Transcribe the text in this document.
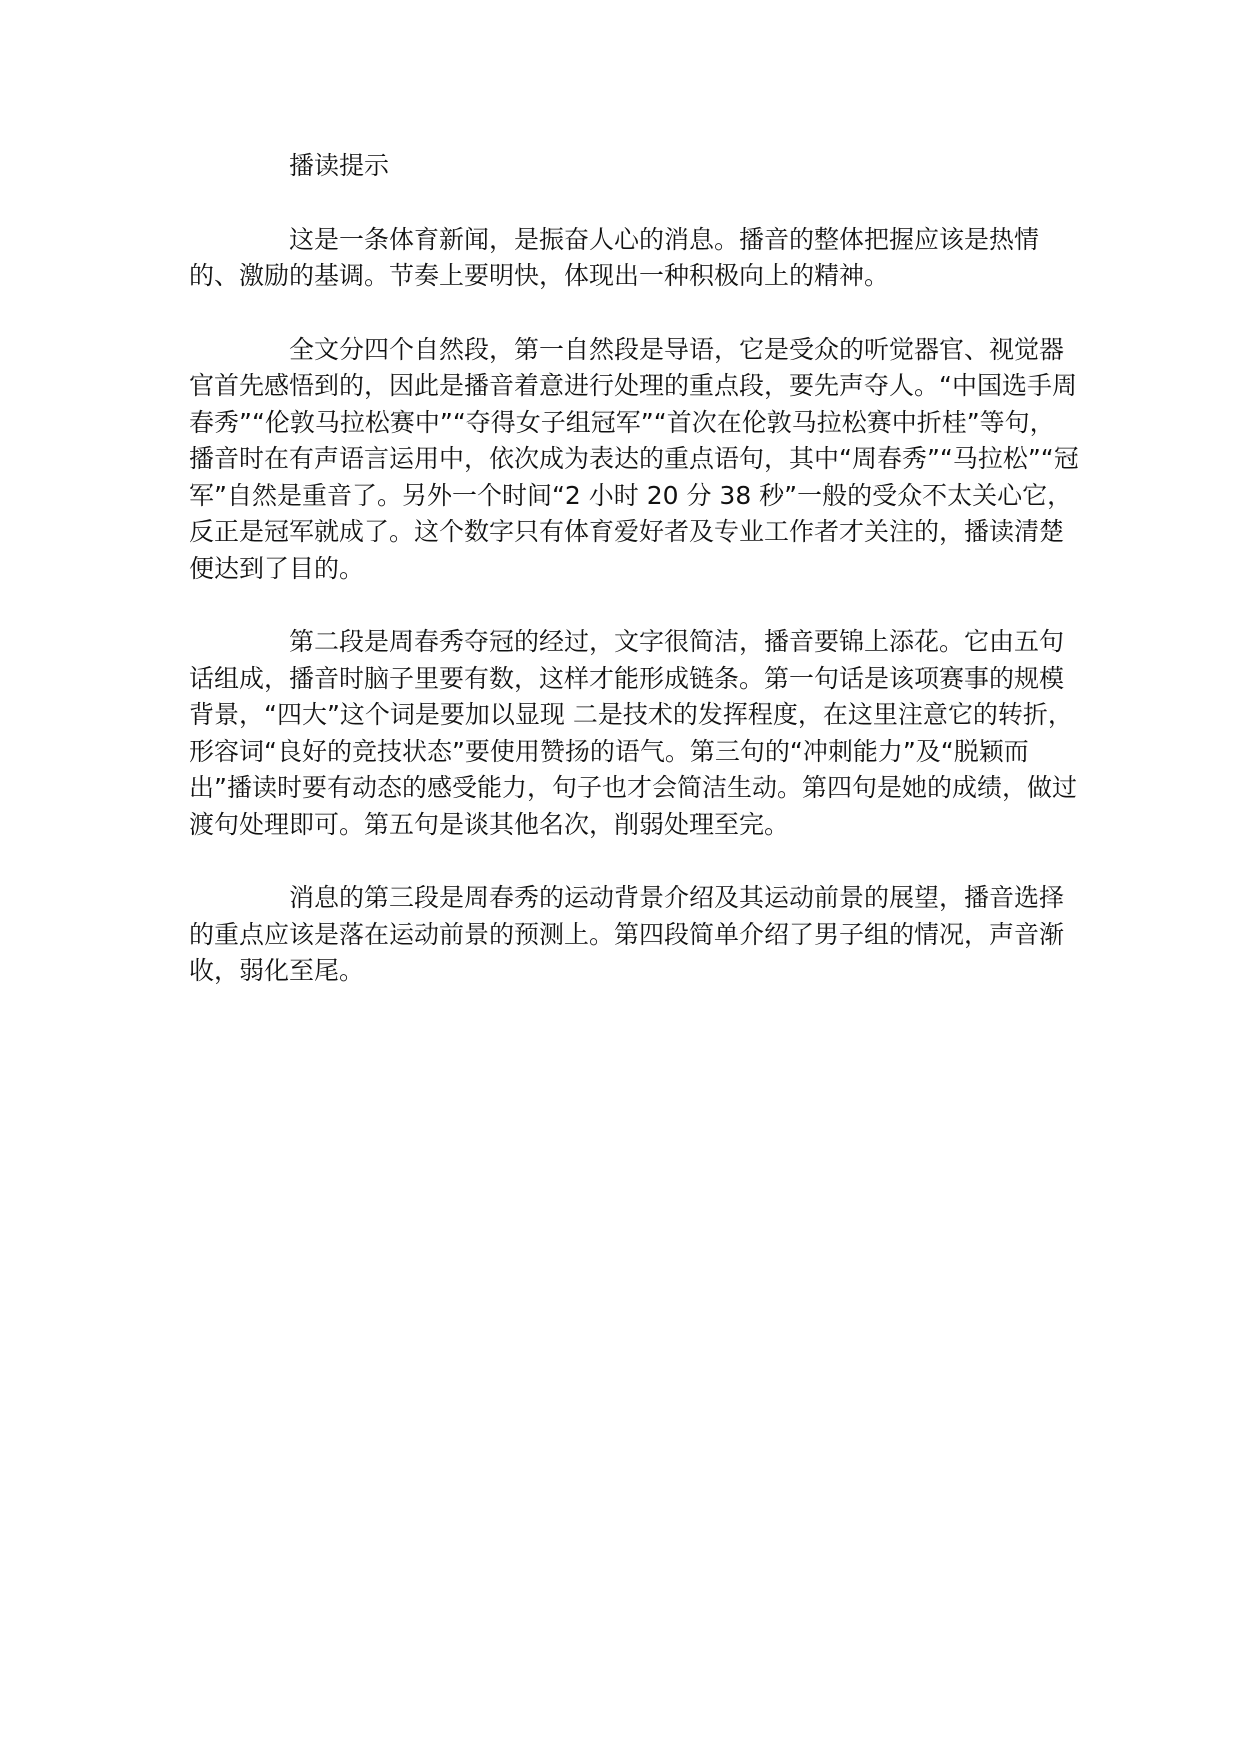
播读提示

这是一条体育新闻，是振奋人心的消息。播音的整体把握应该是热情的、激励的基调。节奏上要明快，体现出一种积极向上的精神。

全文分四个自然段，第一自然段是导语，它是受众的听觉器官、视觉器官首先感悟到的，因此是播音着意进行处理的重点段，要先声夺人。“中国选手周春秀”“伦敦马拉松赛中”“夺得女子组冠军”“首次在伦敦马拉松赛中折桂”等句，播音时在有声语言运用中，依次成为表达的重点语句，其中“周春秀”“马拉松”“冠军”自然是重音了。另外一个时间“2 小时 20 分 38 秒”一般的受众不太关心它，反正是冠军就成了。这个数字只有体育爱好者及专业工作者才关注的，播读清楚便达到了目的。

第二段是周春秀夺冠的经过，文字很简洁，播音要锦上添花。它由五句话组成，播音时脑子里要有数，这样才能形成链条。第一句话是该项赛事的规模背景，“四大”这个词是要加以显现 二是技术的发挥程度，在这里注意它的转折，形容词“良好的竞技状态”要使用赞扬的语气。第三句的“冲刺能力”及“脱颖而出”播读时要有动态的感受能力，句子也才会简洁生动。第四句是她的成绩，做过渡句处理即可。第五句是谈其他名次，削弱处理至完。

消息的第三段是周春秀的运动背景介绍及其运动前景的展望，播音选择的重点应该是落在运动前景的预测上。第四段简单介绍了男子组的情况，声音渐收，弱化至尾。
